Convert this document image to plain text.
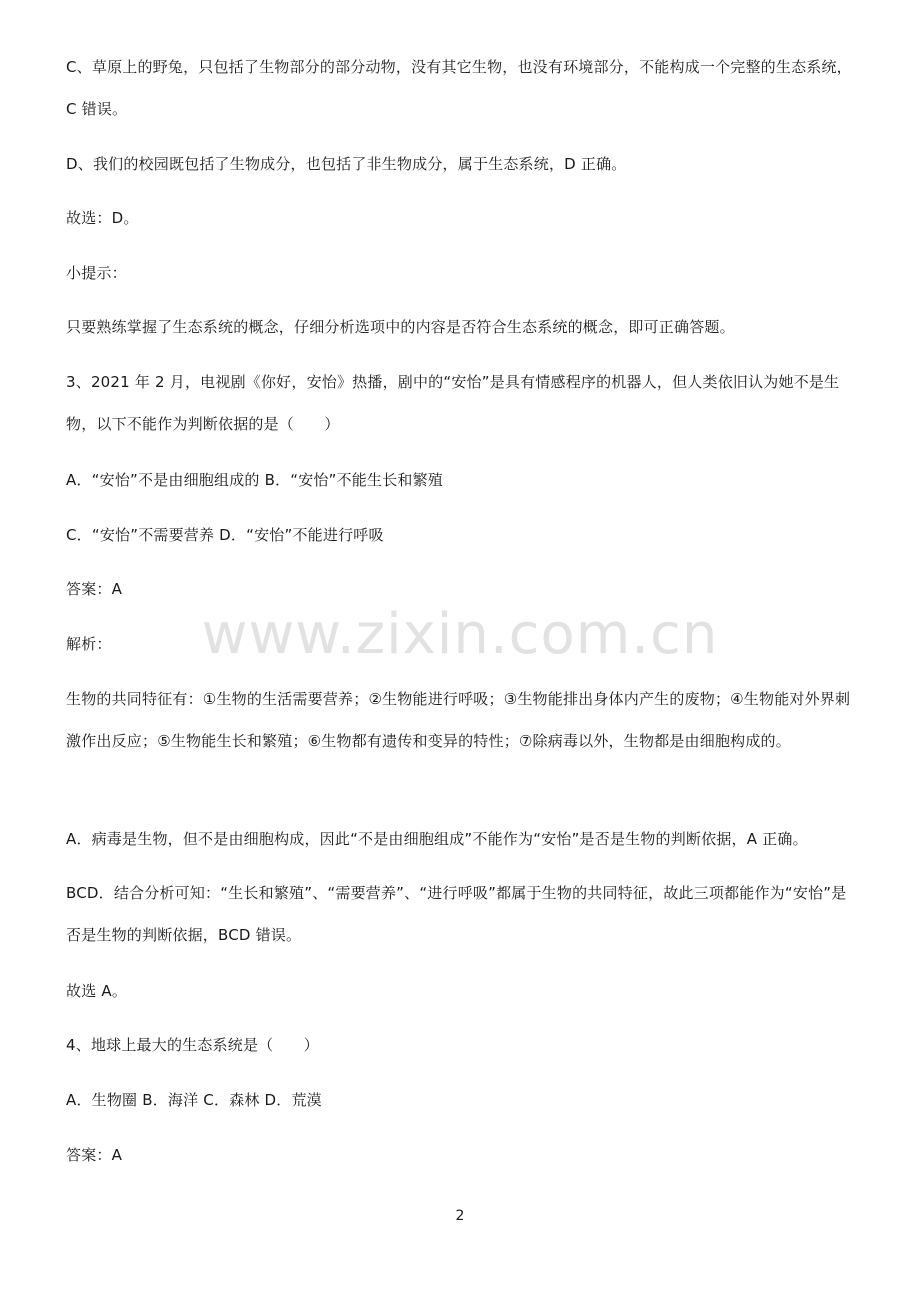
C、草原上的野兔，只包括了生物部分的部分动物，没有其它生物，也没有环境部分，不能构成一个完整的生态系统，C 错误。

D、我们的校园既包括了生物成分，也包括了非生物成分，属于生态系统，D 正确。

故选：D。

小提示：

只要熟练掌握了生态系统的概念，仔细分析选项中的内容是否符合生态系统的概念，即可正确答题。

3、2021 年 2 月，电视剧《你好，安怡》热播，剧中的“安怡”是具有情感程序的机器人，但人类依旧认为她不是生物，以下不能作为判断依据的是（　　）

A．“安怡”不是由细胞组成的 B．“安怡”不能生长和繁殖

C．“安怡”不需要营养 D．“安怡”不能进行呼吸

答案：A

解析：

生物的共同特征有：①生物的生活需要营养；②生物能进行呼吸；③生物能排出身体内产生的废物；④生物能对外界刺激作出反应；⑤生物能生长和繁殖；⑥生物都有遗传和变异的特性；⑦除病毒以外，生物都是由细胞构成的。

A．病毒是生物，但不是由细胞构成，因此“不是由细胞组成”不能作为“安怡”是否是生物的判断依据，A 正确。

BCD．结合分析可知：“生长和繁殖”、“需要营养”、“进行呼吸”都属于生物的共同特征，故此三项都能作为“安怡”是否是生物的判断依据，BCD 错误。

故选 A。

4、地球上最大的生态系统是（　　）

A．生物圈 B．海洋 C．森林 D．荒漠

答案：A

www.zixin.com.cn
2
